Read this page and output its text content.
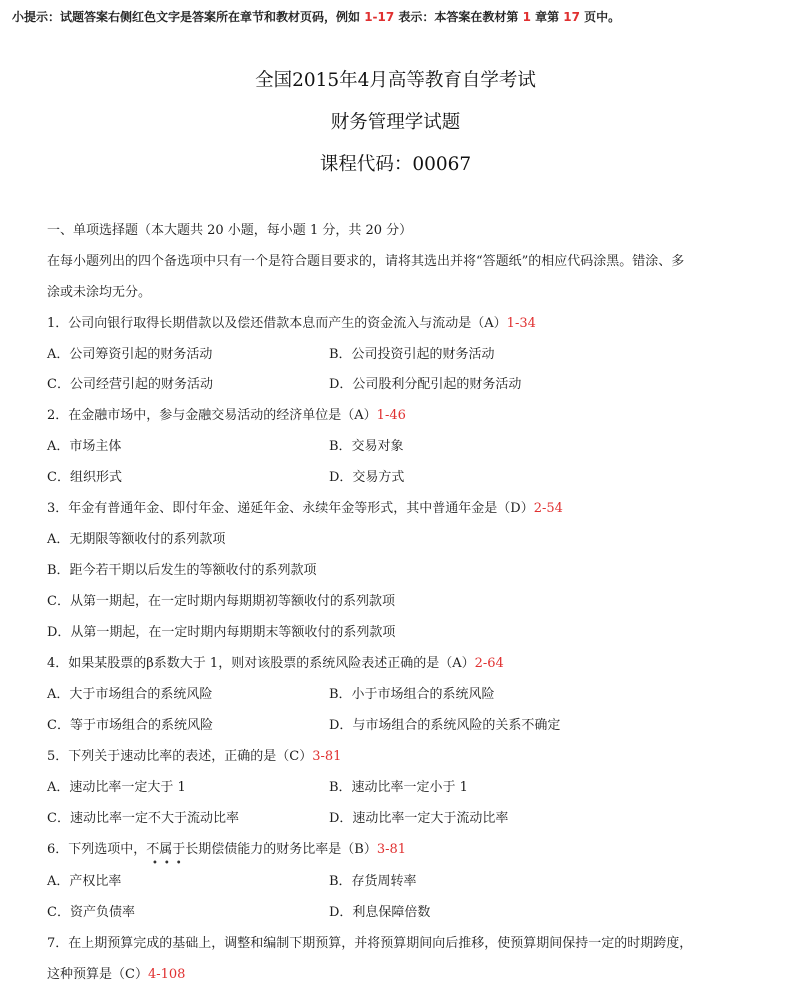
小提示：试题答案右侧红色文字是答案所在章节和教材页码，例如 1-17 表示：本答案在教材第 1 章第 17 页中。
全国2015年4月高等教育自学考试
财务管理学试题
课程代码：00067
一、单项选择题（本大题共 20 小题，每小题 1 分，共 20 分）
在每小题列出的四个备选项中只有一个是符合题目要求的，请将其选出并将“答题纸”的相应代码涂黑。错涂、多
涂或未涂均无分。
1．公司向银行取得长期借款以及偿还借款本息而产生的资金流入与流动是（A）1-34
A．公司筹资引起的财务活动	B．公司投资引起的财务活动
C．公司经营引起的财务活动	D．公司股利分配引起的财务活动
2．在金融市场中，参与金融交易活动的经济单位是（A）1-46
A．市场主体	B．交易对象
C．组织形式	D．交易方式
3．年金有普通年金、即付年金、递延年金、永续年金等形式，其中普通年金是（D）2-54
A．无期限等额收付的系列款项
B．距今若干期以后发生的等额收付的系列款项
C．从第一期起，在一定时期内每期期初等额收付的系列款项
D．从第一期起，在一定时期内每期期末等额收付的系列款项
4．如果某股票的β系数大于 1，则对该股票的系统风险表述正确的是（A）2-64
A．大于市场组合的系统风险	B．小于市场组合的系统风险
C．等于市场组合的系统风险	D．与市场组合的系统风险的关系不确定
5．下列关于速动比率的表述，正确的是（C）3-81
A．速动比率一定大于 1	B．速动比率一定小于 1
C．速动比率一定不大于流动比率	D．速动比率一定大于流动比率
6．下列选项中，不属于长期偿债能力的财务比率是（B）3-81
•••
A．产权比率	B．存货周转率
C．资产负债率	D．利息保障倍数
7．在上期预算完成的基础上，调整和编制下期预算，并将预算期间向后推移，使预算期间保持一定的时期跨度，
这种预算是（C）4-108
